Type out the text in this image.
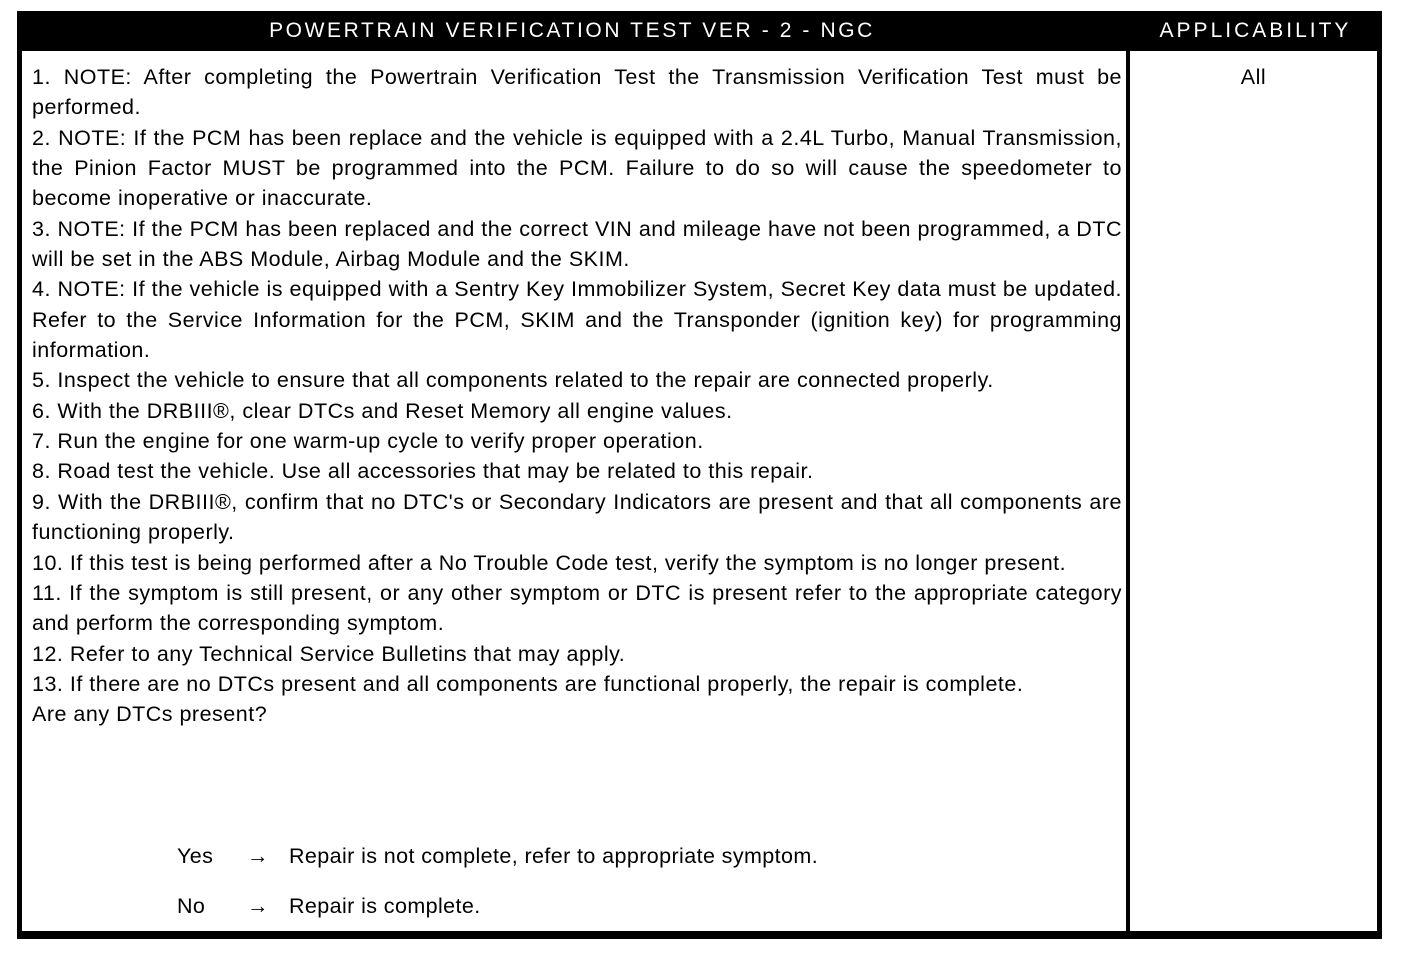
POWERTRAIN VERIFICATION TEST VER - 2 - NGC	APPLICABILITY
1. NOTE: After completing the Powertrain Verification Test the Transmission Verification Test must be performed.
2. NOTE: If the PCM has been replace and the vehicle is equipped with a 2.4L Turbo, Manual Transmission, the Pinion Factor MUST be programmed into the PCM. Failure to do so will cause the speedometer to become inoperative or inaccurate.
3. NOTE: If the PCM has been replaced and the correct VIN and mileage have not been programmed, a DTC will be set in the ABS Module, Airbag Module and the SKIM.
4. NOTE: If the vehicle is equipped with a Sentry Key Immobilizer System, Secret Key data must be updated. Refer to the Service Information for the PCM, SKIM and the Transponder (ignition key) for programming information.
5. Inspect the vehicle to ensure that all components related to the repair are connected properly.
6. With the DRBIII®, clear DTCs and Reset Memory all engine values.
7. Run the engine for one warm-up cycle to verify proper operation.
8. Road test the vehicle. Use all accessories that may be related to this repair.
9. With the DRBIII®, confirm that no DTC's or Secondary Indicators are present and that all components are functioning properly.
10. If this test is being performed after a No Trouble Code test, verify the symptom is no longer present.
11. If the symptom is still present, or any other symptom or DTC is present refer to the appropriate category and perform the corresponding symptom.
12. Refer to any Technical Service Bulletins that may apply.
13. If there are no DTCs present and all components are functional properly, the repair is complete.
Are any DTCs present?
Yes → Repair is not complete, refer to appropriate symptom.
No → Repair is complete.
All
